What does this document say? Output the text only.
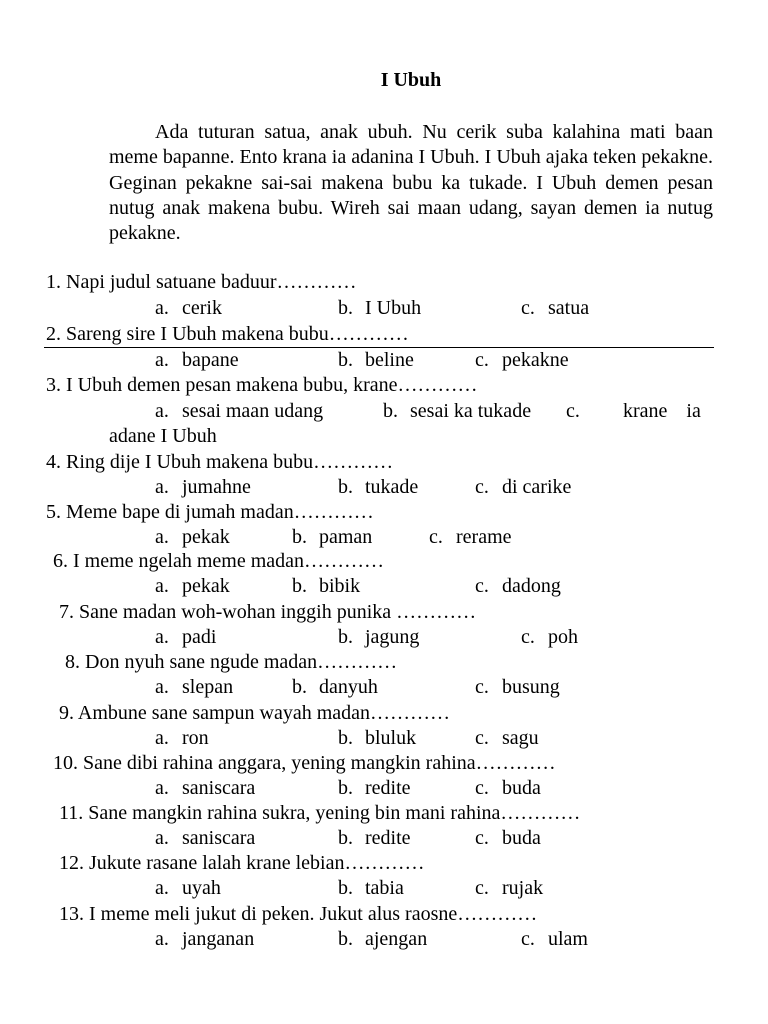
I Ubuh

Ada tuturan satua, anak ubuh. Nu cerik suba kalahina mati baan meme bapanne. Ento krana ia adanina I Ubuh. I Ubuh ajaka teken pekakne. Geginan pekakne sai-sai makena bubu ka tukade. I Ubuh demen pesan nutug anak makena bubu. Wireh sai maan udang, sayan demen ia nutug pekakne.

1. Napi judul satuane baduur…………
a. cerik	b. I Ubuh	c. satua
2. Sareng sire I Ubuh makena bubu…………
a. bapane	b. beline	c. pekakne
3. I Ubuh demen pesan makena bubu, krane…………
a. sesai maan udang	b. sesai ka tukade c. krane ia
adane I Ubuh
4. Ring dije I Ubuh makena bubu…………
a. jumahne	b. tukade	c. di carike
5. Meme bape di jumah madan…………
a. pekak	b. paman	c. rerame
6. I meme ngelah meme madan…………
a. pekak	b. bibik	c. dadong
7. Sane madan woh-wohan inggih punika …………
a. padi	b. jagung	c. poh
8. Don nyuh sane ngude madan…………
a. slepan	b. danyuh	c. busung
9. Ambune sane sampun wayah madan…………
a. ron	b. bluluk	c. sagu
10. Sane dibi rahina anggara, yening mangkin rahina…………
a. saniscara	b. redite	c. buda
11. Sane mangkin rahina sukra, yening bin mani rahina…………
a. saniscara	b. redite	c. buda
12. Jukute rasane lalah krane lebian…………
a. uyah	b. tabia	c. rujak
13. I meme meli jukut di peken. Jukut alus raosne…………
a. janganan	b. ajengan	c. ulam
